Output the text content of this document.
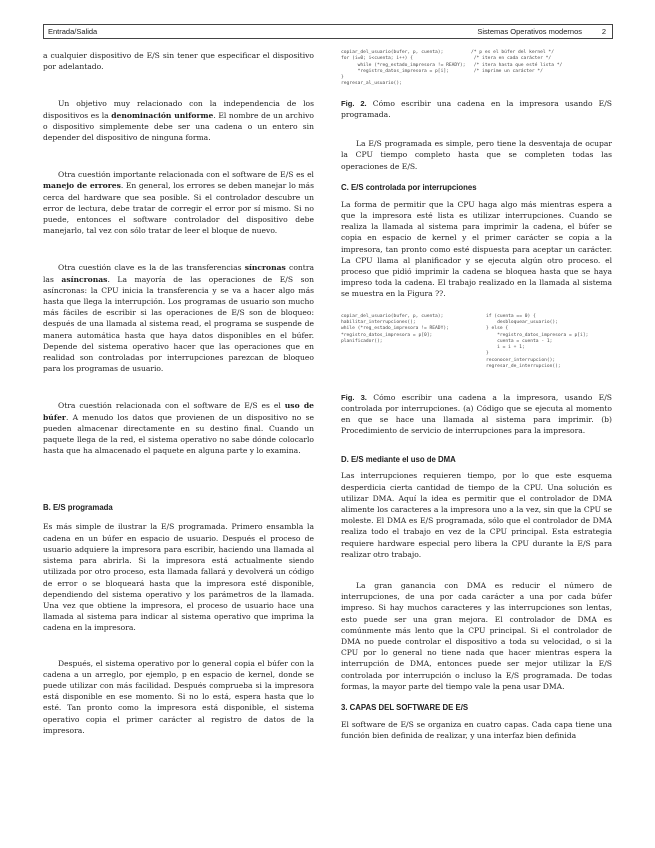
Entrada/Salida	Sistemas Operativos modernos	2

a cualquier dispositivo de E/S sin tener que especificar el dispositivo por adelantado.

Un objetivo muy relacionado con la independencia de los dispositivos es la denominación uniforme. El nombre de un archivo o dispositivo simplemente debe ser una cadena o un entero sin depender del dispositivo de ninguna forma.

Otra cuestión importante relacionada con el software de E/S es el manejo de errores. En general, los errores se deben manejar lo más cerca del hardware que sea posible. Si el controlador descubre un error de lectura, debe tratar de corregir el error por sí mismo. Si no puede, entonces el software controlador del dispositivo debe manejarlo, tal vez con sólo tratar de leer el bloque de nuevo.

Otra cuestión clave es la de las transferencias síncronas contra las asíncronas. La mayoría de las operaciones de E/S son asíncronas: la CPU inicia la transferencia y se va a hacer algo más hasta que llega la interrupción. Los programas de usuario son mucho más fáciles de escribir si las operaciones de E/S son de bloqueo: después de una llamada al sistema read, el programa se suspende de manera automática hasta que haya datos disponibles en el búfer. Depende del sistema operativo hacer que las operaciones que en realidad son controladas por interrupciones parezcan de bloqueo para los programas de usuario.

Otra cuestión relacionada con el software de E/S es el uso de búfer. A menudo los datos que provienen de un dispositivo no se pueden almacenar directamente en su destino final. Cuando un paquete llega de la red, el sistema operativo no sabe dónde colocarlo hasta que ha almacenado el paquete en alguna parte y lo examina.

B. E/S programada

Es más simple de ilustrar la E/S programada. Primero ensambla la cadena en un búfer en espacio de usuario. Después el proceso de usuario adquiere la impresora para escribir, haciendo una llamada al sistema para abrirla. Si la impresora está actualmente siendo utilizada por otro proceso, esta llamada fallará y devolverá un código de error o se bloqueará hasta que la impresora esté disponible, dependiendo del sistema operativo y los parámetros de la llamada. Una vez que obtiene la impresora, el proceso de usuario hace una llamada al sistema para indicar al sistema operativo que imprima la cadena en la impresora.

Después, el sistema operativo por lo general copia el búfer con la cadena a un arreglo, por ejemplo, p en espacio de kernel, donde se puede utilizar con más facilidad. Después comprueba si la impresora está disponible en ese momento. Si no lo está, espera hasta que lo esté. Tan pronto como la impresora está disponible, el sistema operativo copia el primer carácter al registro de datos de la impresora.

copiar_del_usuario(bufer, p, cuenta);          /* p es el búfer del kernel */
for (i=0; i<cuenta; i++) {                      /* itera en cada carácter */
while (*reg_estado_impresora != READY);   /* itera hasta que esté lista */
*registro_datos_impresora = p[i];         /* imprime un carácter */
}
regresar_al_usuario();

Fig. 2. Cómo escribir una cadena en la impresora usando E/S programada.

La E/S programada es simple, pero tiene la desventaja de ocupar la CPU tiempo completo hasta que se completen todas las operaciones de E/S.

C. E/S controlada por interrupciones

La forma de permitir que la CPU haga algo más mientras espera a que la impresora esté lista es utilizar interrupciones. Cuando se realiza la llamada al sistema para imprimir la cadena, el búfer se copia en espacio de kernel y el primer carácter se copia a la impresora, tan pronto como esté dispuesta para aceptar un carácter. La CPU llama al planificador y se ejecuta algún otro proceso. el proceso que pidió imprimir la cadena se bloquea hasta que se haya impreso toda la cadena. El trabajo realizado en la llamada al sistema se muestra en la Figura ??.

copiar_del_usuario(bufer, p, cuenta);
habilitar_interrupciones();
while (*reg_estado_impresora != READY);
*registro_datos_impresora = p[0];
planificador();
if (cuenta == 0) {
desbloquear_usuario();
} else {
*registro_datos_impresora = p[i];
cuenta = cuenta - 1;
i = i + 1;
}
reconocer_interrupcion();
regresar_de_interrupcion();

Fig. 3. Cómo escribir una cadena a la impresora, usando E/S controlada por interrupciones. (a) Código que se ejecuta al momento en que se hace una llamada al sistema para imprimir. (b) Procedimiento de servicio de interrupciones para la impresora.

D. E/S mediante el uso de DMA

Las interrupciones requieren tiempo, por lo que este esquema desperdicia cierta cantidad de tiempo de la CPU. Una solución es utilizar DMA. Aquí la idea es permitir que el controlador de DMA alimente los caracteres a la impresora uno a la vez, sin que la CPU se moleste. El DMA es E/S programada, sólo que el controlador de DMA realiza todo el trabajo en vez de la CPU principal. Esta estrategia requiere hardware especial pero libera la CPU durante la E/S para realizar otro trabajo.

La gran ganancia con DMA es reducir el número de interrupciones, de una por cada carácter a una por cada búfer impreso. Si hay muchos caracteres y las interrupciones son lentas, esto puede ser una gran mejora. El controlador de DMA es comúnmente más lento que la CPU principal. Si el controlador de DMA no puede controlar el dispositivo a toda su velocidad, o si la CPU por lo general no tiene nada que hacer mientras espera la interrupción de DMA, entonces puede ser mejor utilizar la E/S controlada por interrupción o incluso la E/S programada. De todas formas, la mayor parte del tiempo vale la pena usar DMA.

3. CAPAS DEL SOFTWARE DE E/S

El software de E/S se organiza en cuatro capas. Cada capa tiene una función bien definida de realizar, y una interfaz bien definida
